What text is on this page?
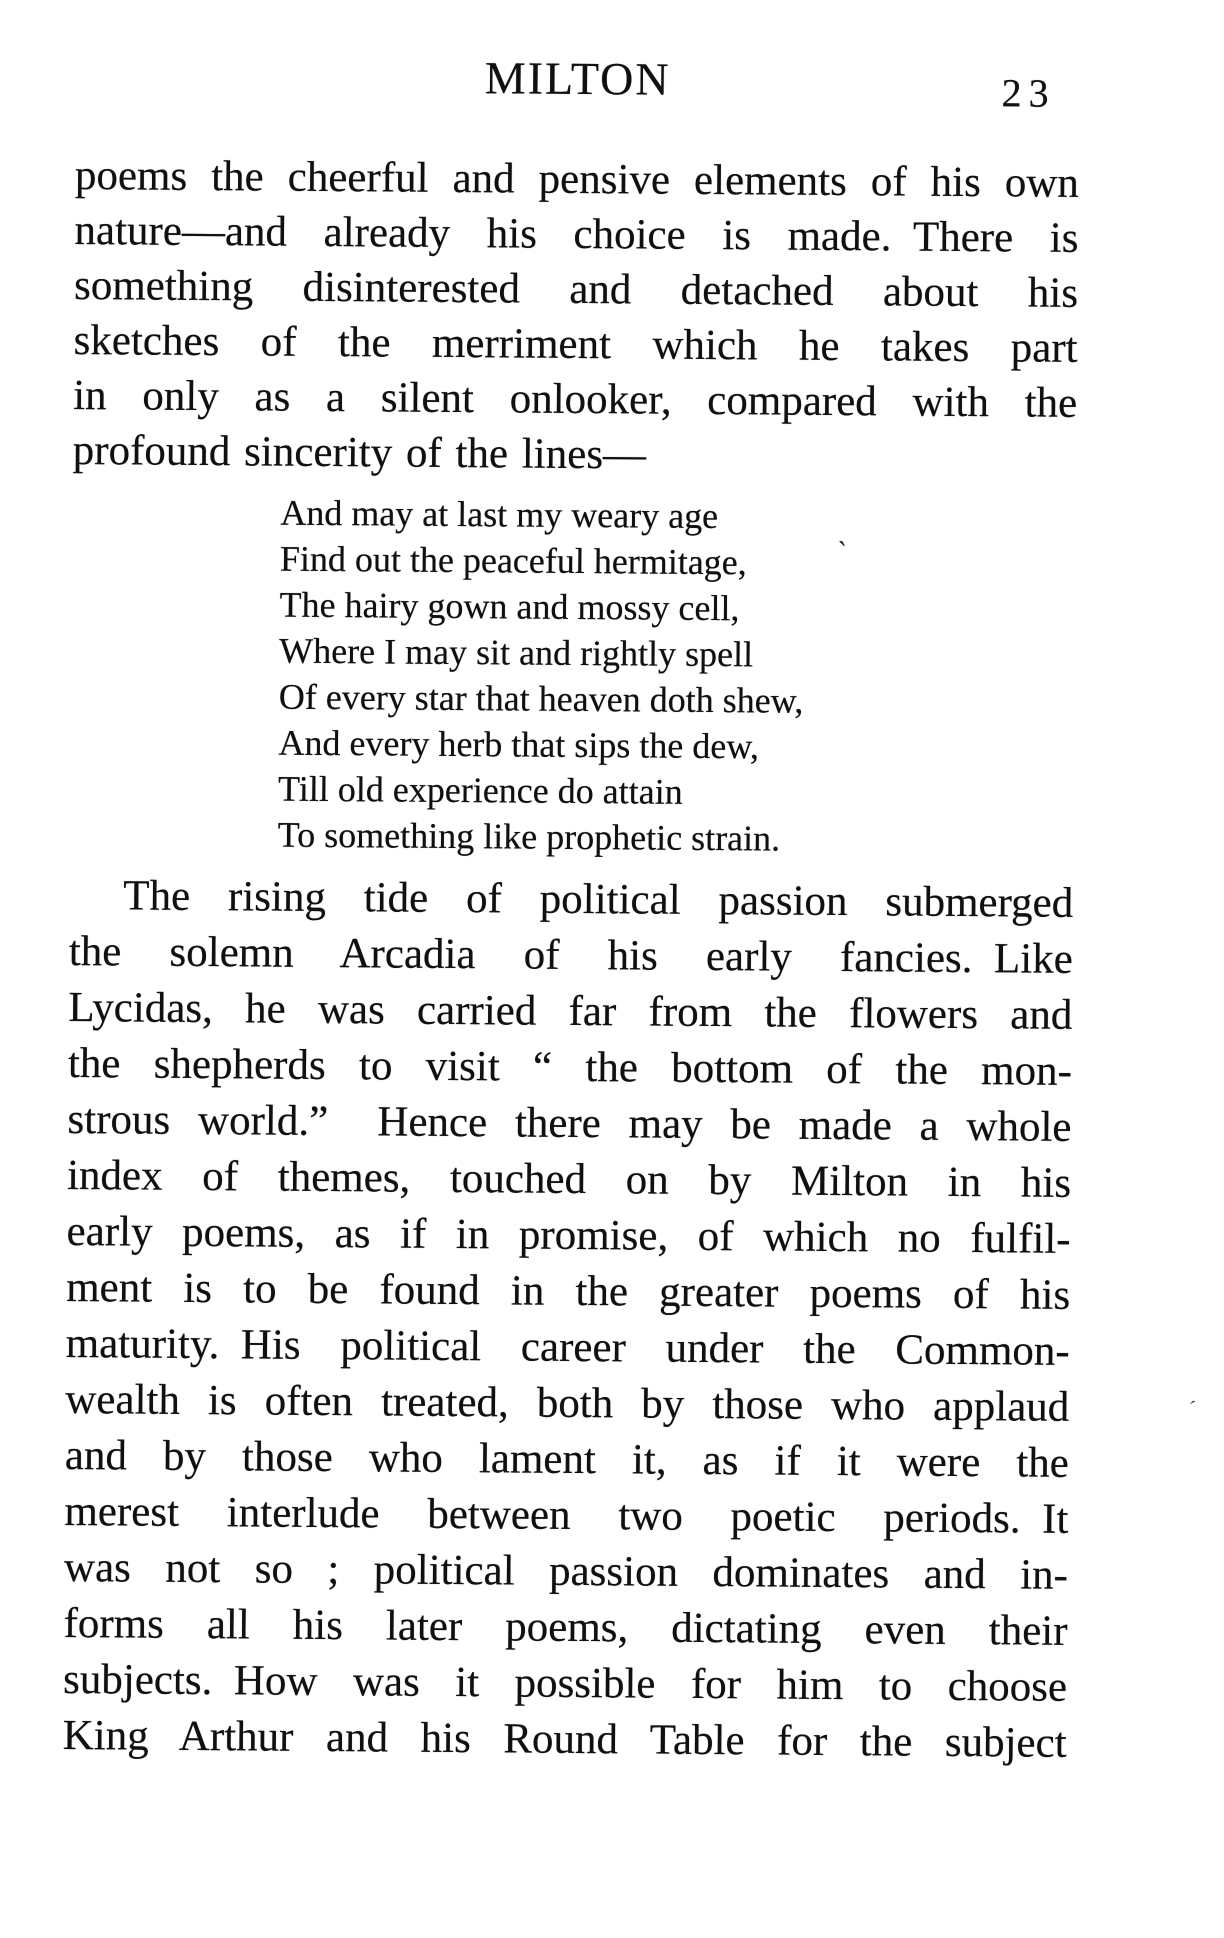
MILTON	23
poems the cheerful and pensive elements of his own
nature—and already his choice is made. There is
something disinterested and detached about his
sketches of the merriment which he takes part
in only as a silent onlooker, compared with the
profound sincerity of the lines—
And may at last my weary age
Find out the peaceful hermitage,
The hairy gown and mossy cell,
Where I may sit and rightly spell
Of every star that heaven doth shew,
And every herb that sips the dew,
Till old experience do attain
To something like prophetic strain.
The rising tide of political passion submerged
the solemn Arcadia of his early fancies. Like
Lycidas, he was carried far from the flowers and
the shepherds to visit “ the bottom of the mon-
strous world.”  Hence there may be made a whole
index of themes, touched on by Milton in his
early poems, as if in promise, of which no fulfil-
ment is to be found in the greater poems of his
maturity. His political career under the Common-
wealth is often treated, both by those who applaud
and by those who lament it, as if it were the
merest interlude between two poetic periods. It
was not so ; political passion dominates and in-
forms all his later poems, dictating even their
subjects. How was it possible for him to choose
King Arthur and his Round Table for the subject
`
´
